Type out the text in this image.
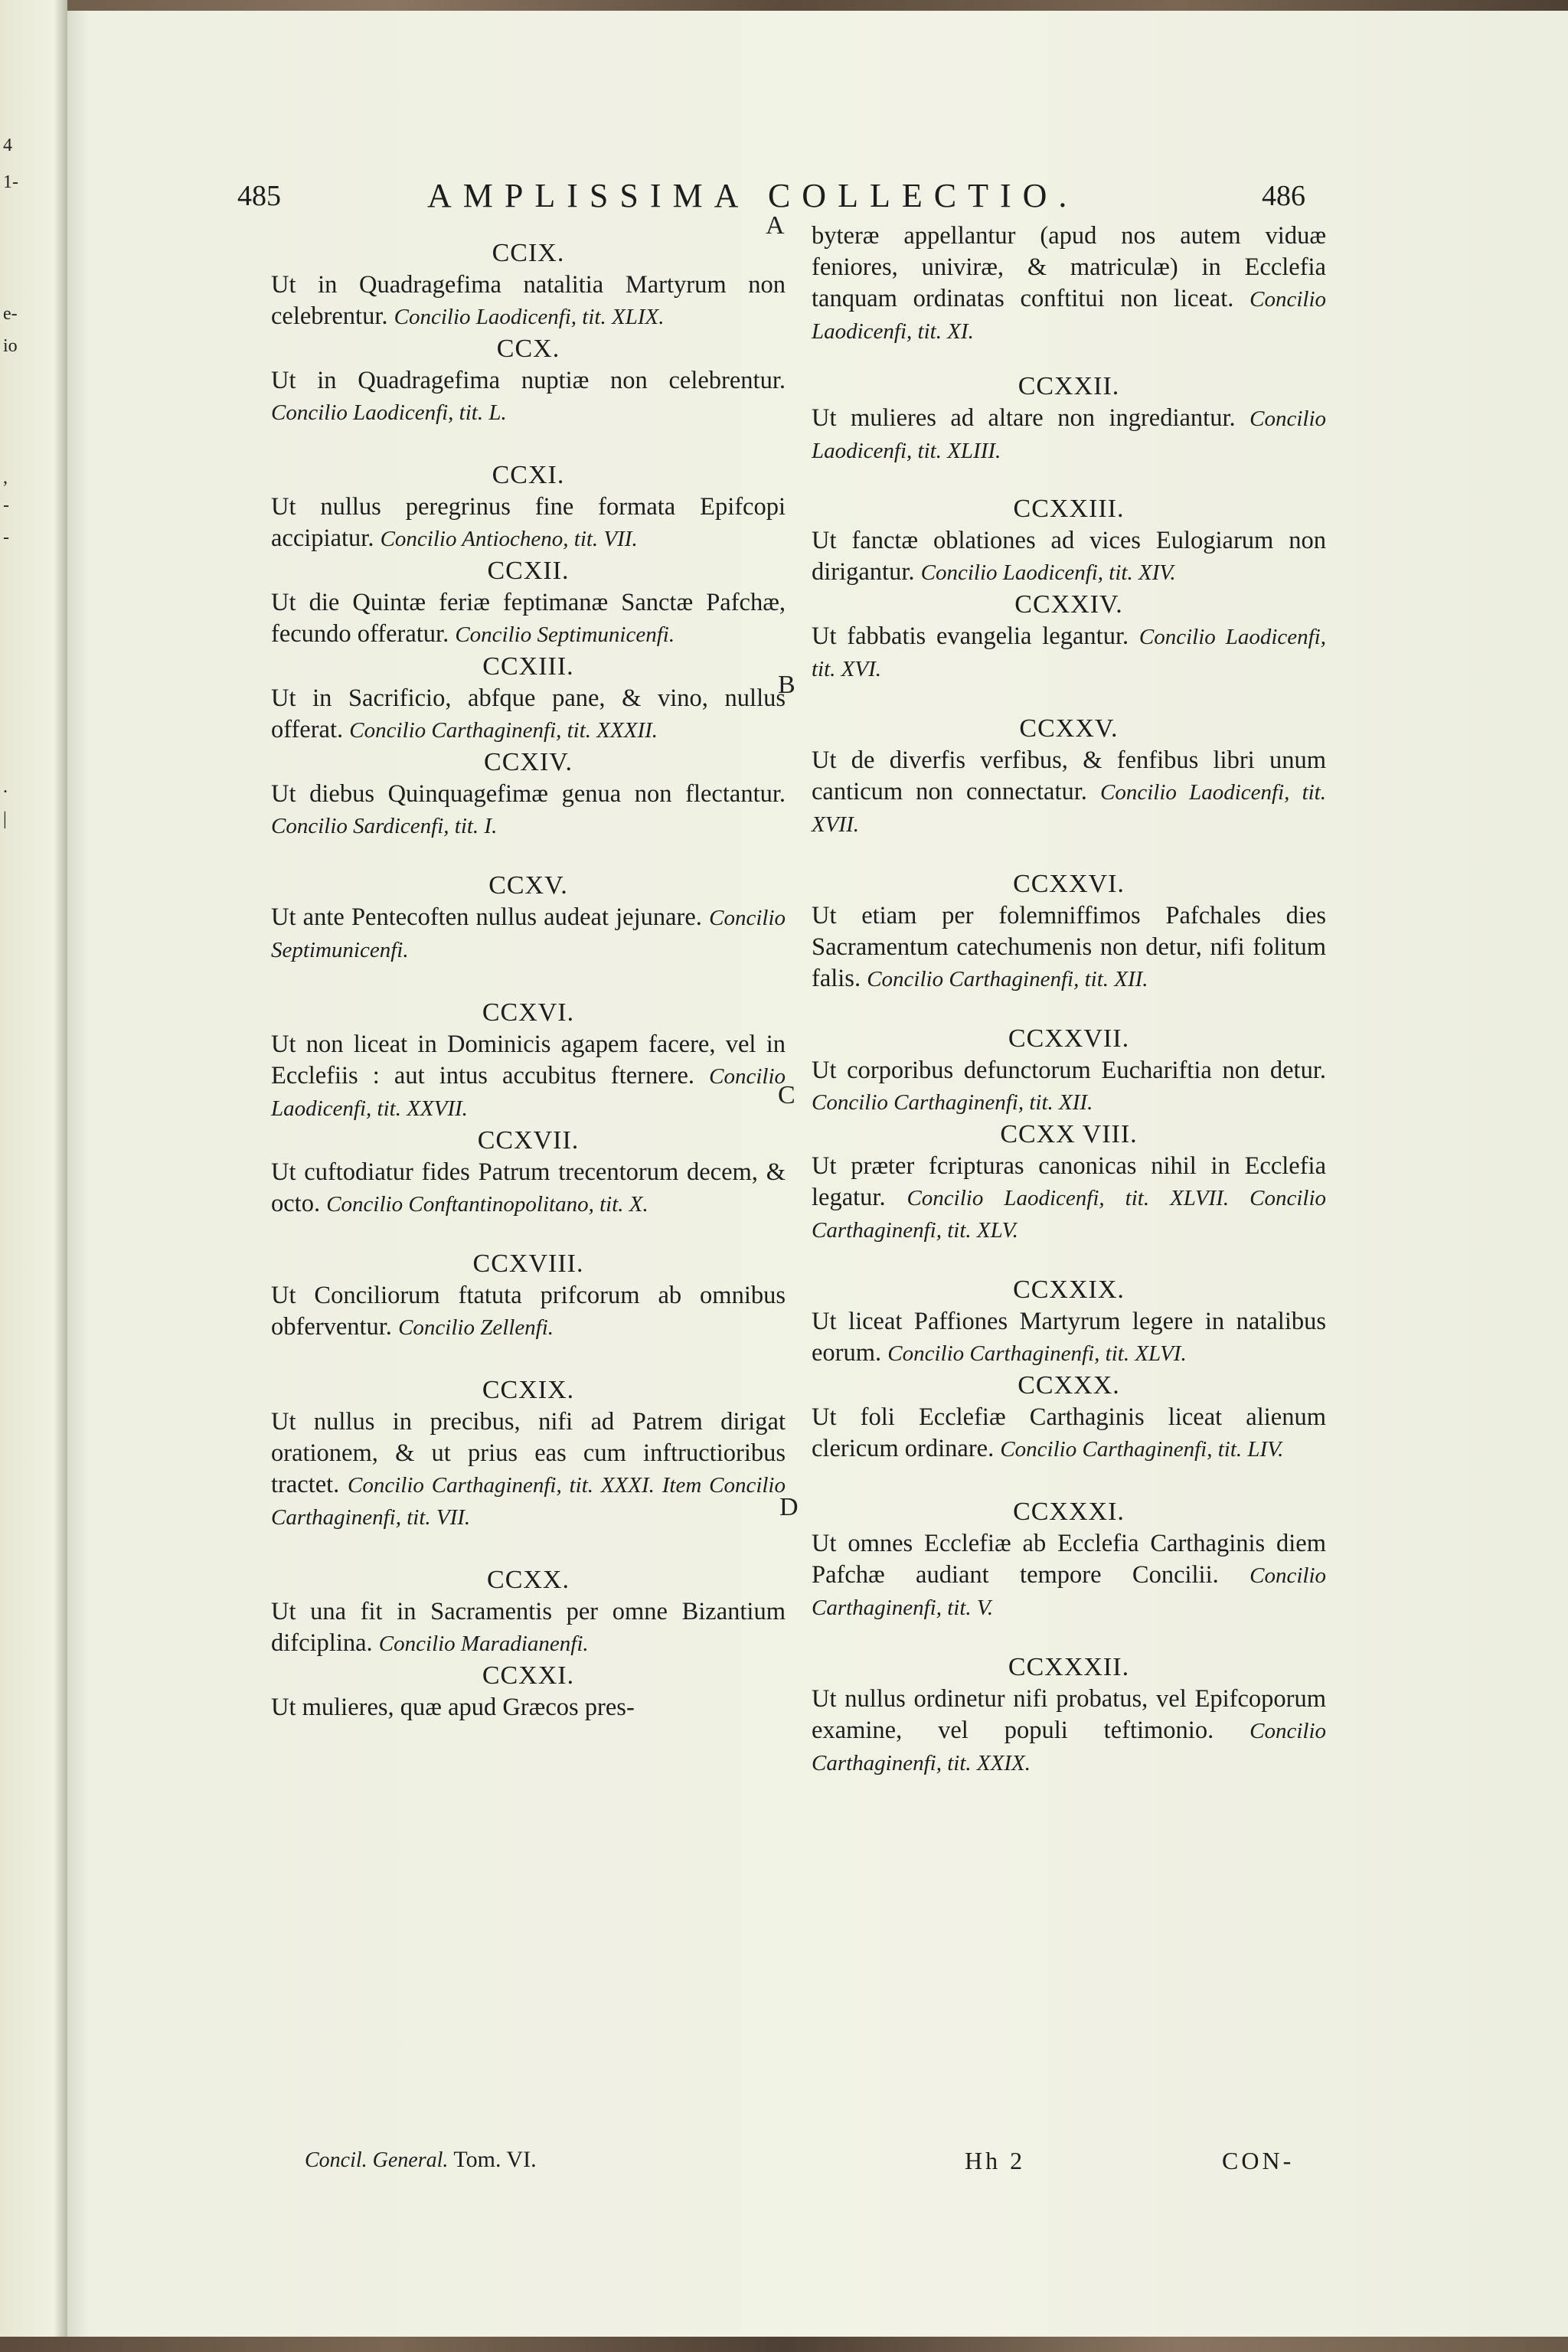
4
1-
e-
io
,
-
-
.
|
485	AMPLISSIMA COLLECTIO.	486
A
B
C
D
CCIX.
Ut in Quadragefima natalitia Martyrum non celebrentur. Concilio Laodicenfi, tit. XLIX.
CCX.
Ut in Quadragefima nuptiæ non celebrentur. Concilio Laodicenfi, tit. L.
CCXI.
Ut nullus peregrinus fine formata Epifcopi accipiatur. Concilio Antiocheno, tit. VII.
CCXII.
Ut die Quintæ feriæ feptimanæ Sanctæ Pafchæ, fecundo offeratur. Concilio Septimunicenfi.
CCXIII.
Ut in Sacrificio, abfque pane, & vino, nullus offerat. Concilio Carthaginenfi, tit. XXXII.
CCXIV.
Ut diebus Quinquagefimæ genua non flectantur. Concilio Sardicenfi, tit. I.
CCXV.
Ut ante Pentecoften nullus audeat jejunare. Concilio Septimunicenfi.
CCXVI.
Ut non liceat in Dominicis agapem facere, vel in Ecclefiis : aut intus accubitus fternere. Concilio Laodicenfi, tit. XXVII.
CCXVII.
Ut cuftodiatur fides Patrum trecentorum decem, & octo. Concilio Conftantinopolitano, tit. X.
CCXVIII.
Ut Conciliorum ftatuta prifcorum ab omnibus obferventur. Concilio Zellenfi.
CCXIX.
Ut nullus in precibus, nifi ad Patrem dirigat orationem, & ut prius eas cum inftructioribus tractet. Concilio Carthaginenfi, tit. XXXI. Item Concilio Carthaginenfi, tit. VII.
CCXX.
Ut una fit in Sacramentis per omne Bizantium difciplina. Concilio Maradianenfi.
CCXXI.
Ut mulieres, quæ apud Græcos pres-
byteræ appellantur (apud nos autem viduæ feniores, univiræ, & matriculæ) in Ecclefia tanquam ordinatas conftitui non liceat. Concilio Laodicenfi, tit. XI.
CCXXII.
Ut mulieres ad altare non ingrediantur. Concilio Laodicenfi, tit. XLIII.
CCXXIII.
Ut fanctæ oblationes ad vices Eulogiarum non dirigantur. Concilio Laodicenfi, tit. XIV.
CCXXIV.
Ut fabbatis evangelia legantur. Concilio Laodicenfi, tit. XVI.
CCXXV.
Ut de diverfis verfibus, & fenfibus libri unum canticum non connectatur. Concilio Laodicenfi, tit. XVII.
CCXXVI.
Ut etiam per folemniffimos Pafchales dies Sacramentum catechumenis non detur, nifi folitum falis. Concilio Carthaginenfi, tit. XII.
CCXXVII.
Ut corporibus defunctorum Euchariftia non detur. Concilio Carthaginenfi, tit. XII.
CCXX VIII.
Ut præter fcripturas canonicas nihil in Ecclefia legatur. Concilio Laodicenfi, tit. XLVII. Concilio Carthaginenfi, tit. XLV.
CCXXIX.
Ut liceat Paffiones Martyrum legere in natalibus eorum. Concilio Carthaginenfi, tit. XLVI.
CCXXX.
Ut foli Ecclefiæ Carthaginis liceat alienum clericum ordinare. Concilio Carthaginenfi, tit. LIV.
CCXXXI.
Ut omnes Ecclefiæ ab Ecclefia Carthaginis diem Pafchæ audiant tempore Concilii. Concilio Carthaginenfi, tit. V.
CCXXXII.
Ut nullus ordinetur nifi probatus, vel Epifcoporum examine, vel populi teftimonio. Concilio Carthaginenfi, tit. XXIX.
Concil. General. Tom. VI.	Hh 2	CON-
